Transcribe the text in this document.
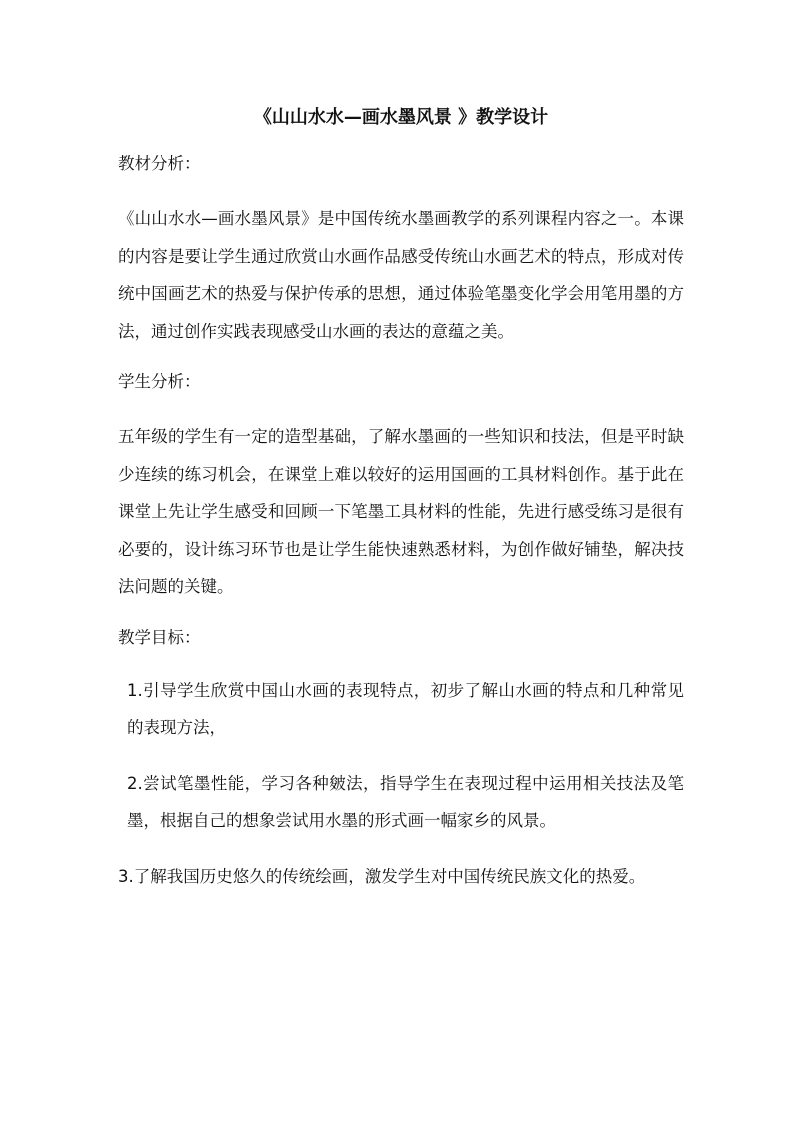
《山山水水—画水墨风景 》教学设计
教材分析：
《山山水水—画水墨风景》是中国传统水墨画教学的系列课程内容之一。本课的内容是要让学生通过欣赏山水画作品感受传统山水画艺术的特点，形成对传统中国画艺术的热爱与保护传承的思想，通过体验笔墨变化学会用笔用墨的方法，通过创作实践表现感受山水画的表达的意蕴之美。
学生分析：
五年级的学生有一定的造型基础，了解水墨画的一些知识和技法，但是平时缺少连续的练习机会，在课堂上难以较好的运用国画的工具材料创作。基于此在课堂上先让学生感受和回顾一下笔墨工具材料的性能，先进行感受练习是很有必要的，设计练习环节也是让学生能快速熟悉材料，为创作做好铺垫，解决技法问题的关键。
教学目标：
1.引导学生欣赏中国山水画的表现特点，初步了解山水画的特点和几种常见的表现方法，
2.尝试笔墨性能，学习各种皴法，指导学生在表现过程中运用相关技法及笔墨，根据自己的想象尝试用水墨的形式画一幅家乡的风景。
3.了解我国历史悠久的传统绘画，激发学生对中国传统民族文化的热爱。
